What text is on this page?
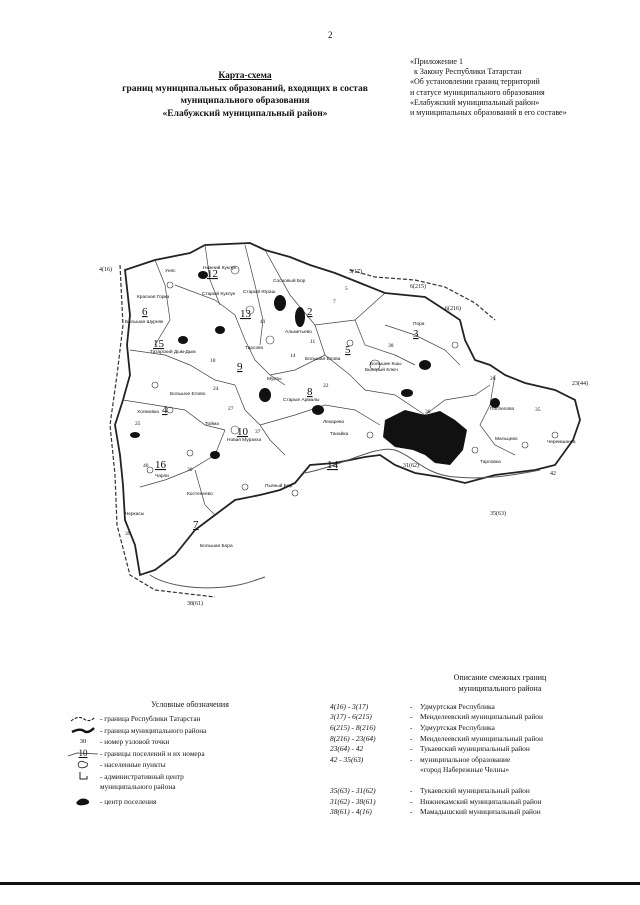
2
Карта-схема
границ муниципальных образований, входящих в состав
муниципального образования
«Елабужский муниципальный район»
«Приложение 1
к Закону Республики Татарстан
«Об установлении границ территорий
и статусе муниципального образования
«Елабужский муниципальный район»
и муниципальных образований в его составе»
4(16)	3(17)
6(215)
6(216)
23(44)
42
35(63)
31(62)
38(61)
1
2
3
4
5
6
7
8
9
10
12
13
14
15
16
5
7
11
14
18
20
22
24
25
27
30
35
36
37
38
39
40
41
Нижний Куклук
Уняс
Красная Горка
Старый Куклук
Большая Шурняк
Сосновый Бор
Старый Юраш
Альметьево
Тарсово
Пора
Большая Елова
Мурты
Большие Кшы
Татарский Дым-Дым
Большое Елово
Новая Мурзиха
Старые Армалы
Лекарево
Танайка
Холмовка
Пьяный Бор
Костенеево
Поспелово
Чарли
Черкасы
Большая Бора
Мальцево
Быстрый Ключ
Тойма
Тарловка
Черемшанка
Условные обозначения
- граница Республики Татарстан
- граница муниципального района
30	- номер узловой точки
10 - границы поселений и их номера
- населенные пункты
- административный центр
муниципального района
- центр поселения
Описание смежных границ
муниципального района
4(16) - 3(17)	-	Удмуртская Республика
3(17) - 6(215)	-	Менделеевский муниципальный район
6(215) - 8(216)	-	Удмуртская Республика
8(216) - 23(64)	-	Менделеевский муниципальный район
23(64) - 42	-	Тукаевский муниципальный район
42 - 35(63)	-	муниципальное образование
«город Набережные Челны»
35(63) - 31(62)	-	Тукаевский муниципальный район
31(62) - 38(61)	-	Нижнекамский муниципальный район
38(61) - 4(16)	-	Мамадышский муниципальный район
